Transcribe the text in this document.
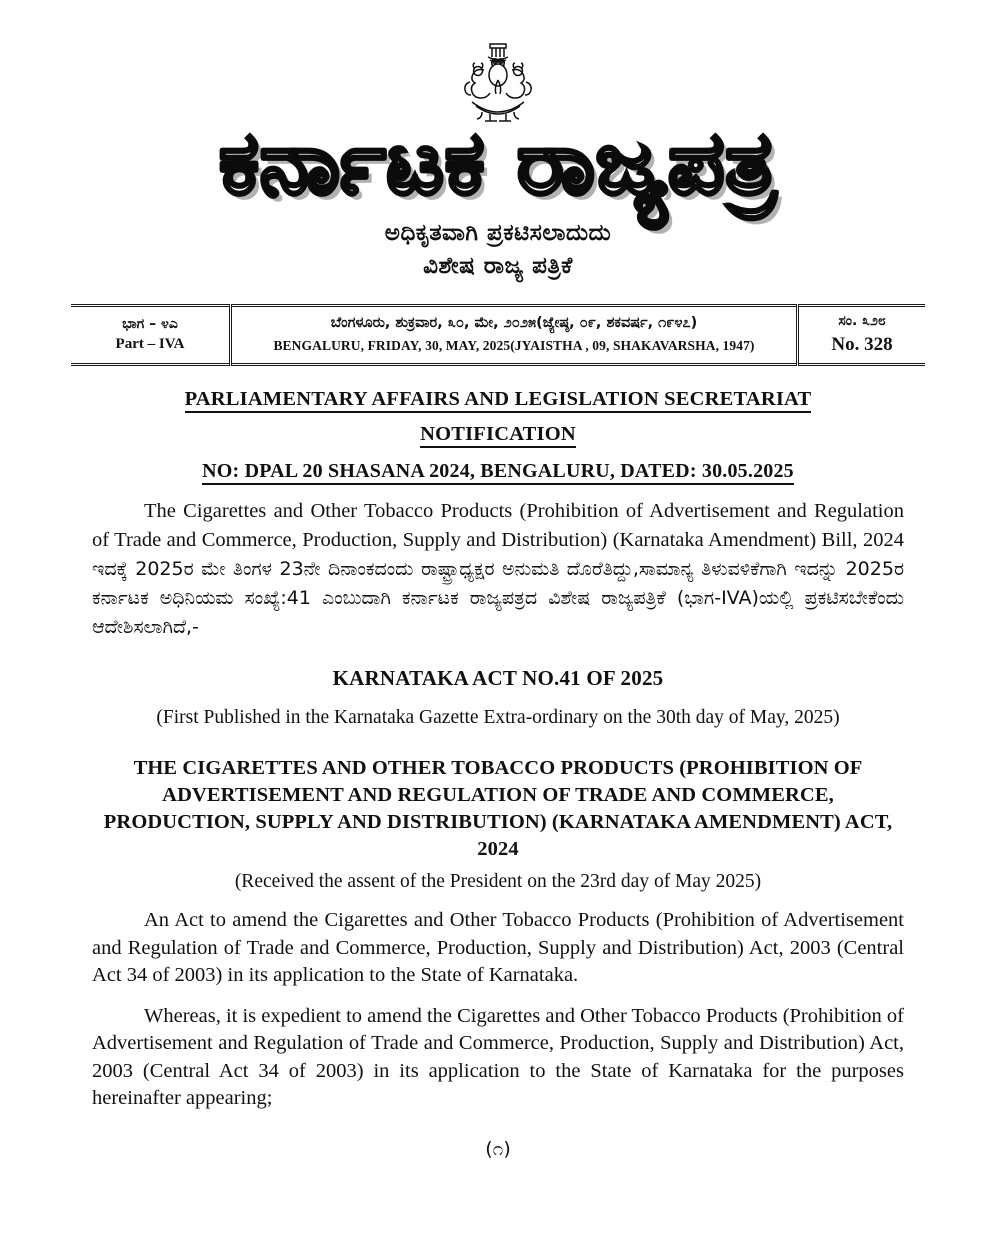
ಕರ್ನಾಟಕ ರಾಜ್ಯಪತ್ರ
ಅಧಿಕೃತವಾಗಿ ಪ್ರಕಟಿಸಲಾದುದು
ವಿಶೇಷ ರಾಜ್ಯ ಪತ್ರಿಕೆ
ಭಾಗ – ೪ಎ
Part – IVA

ಬೆಂಗಳೂರು, ಶುಕ್ರವಾರ, ೩೦, ಮೇ, ೨೦೨೫(ಜ್ಯೇಷ್ಠ, ೦೯, ಶಕವರ್ಷ, ೧೯೪೭)
BENGALURU, FRIDAY, 30, MAY, 2025(JYAISTHA , 09, SHAKAVARSHA, 1947)

ಸಂ. ೩೨೮
No. 328
PARLIAMENTARY AFFAIRS AND LEGISLATION SECRETARIAT
NOTIFICATION
NO: DPAL 20 SHASANA 2024, BENGALURU, DATED: 30.05.2025

The Cigarettes and Other Tobacco Products (Prohibition of Advertisement and Regulation of Trade and Commerce, Production, Supply and Distribution) (Karnataka Amendment) Bill, 2024 ಇದಕ್ಕೆ 2025ರ ಮೇ ತಿಂಗಳ 23ನೇ ದಿನಾಂಕದಂದು ರಾಷ್ಟ್ರಾಧ್ಯಕ್ಷರ ಅನುಮತಿ ದೊರೆತಿದ್ದು,ಸಾಮಾನ್ಯ ತಿಳುವಳಿಕೆಗಾಗಿ ಇದನ್ನು 2025ರ ಕರ್ನಾಟಕ ಅಧಿನಿಯಮ ಸಂಖ್ಯೆ:41 ಎಂಬುದಾಗಿ ಕರ್ನಾಟಕ ರಾಜ್ಯಪತ್ರದ ವಿಶೇಷ ರಾಜ್ಯಪತ್ರಿಕೆ (ಭಾಗ-IVA)ಯಲ್ಲಿ ಪ್ರಕಟಿಸಬೇಕೆಂದು ಆದೇಶಿಸಲಾಗಿದೆ,-

KARNATAKA ACT NO.41 OF 2025

(First Published in the Karnataka Gazette Extra-ordinary on the 30th day of May, 2025)

THE CIGARETTES AND OTHER TOBACCO PRODUCTS (PROHIBITION OF ADVERTISEMENT AND REGULATION OF TRADE AND COMMERCE, PRODUCTION, SUPPLY AND DISTRIBUTION) (KARNATAKA AMENDMENT) ACT, 2024

(Received the assent of the President on the 23rd day of May 2025)

An Act to amend the Cigarettes and Other Tobacco Products (Prohibition of Advertisement and Regulation of Trade and Commerce, Production, Supply and Distribution) Act, 2003 (Central Act 34 of 2003) in its application to the State of Karnataka.

Whereas, it is expedient to amend the Cigarettes and Other Tobacco Products (Prohibition of Advertisement and Regulation of Trade and Commerce, Production, Supply and Distribution) Act, 2003 (Central Act 34 of 2003) in its application to the State of Karnataka for the purposes hereinafter appearing;

(೧)
